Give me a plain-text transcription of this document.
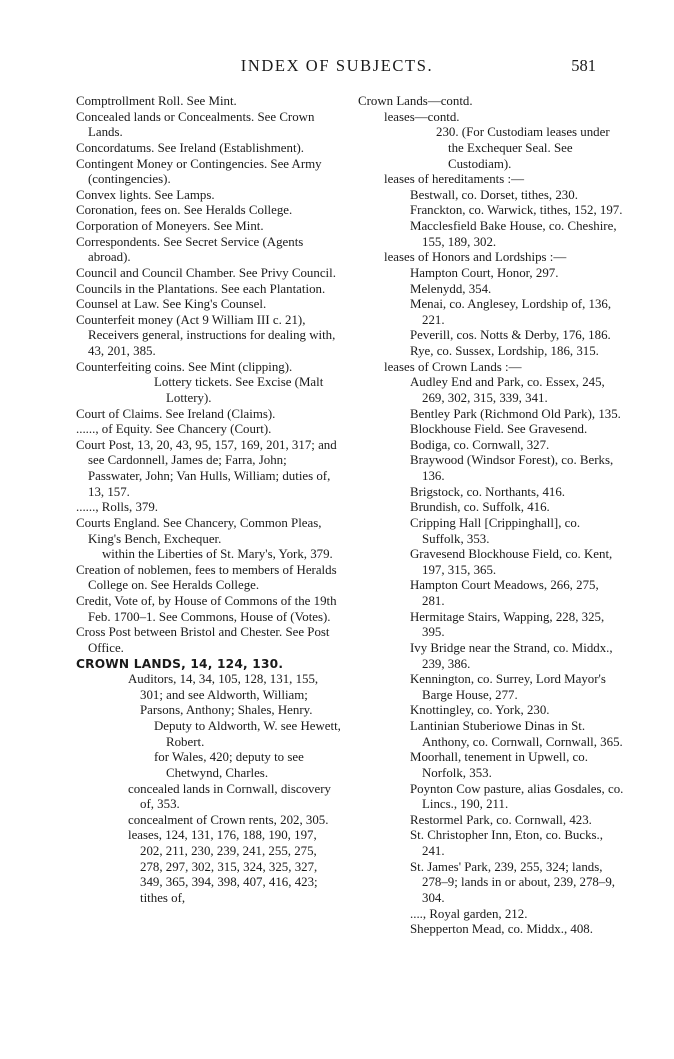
INDEX OF SUBJECTS.	581
Comptrollment Roll. See Mint.
Concealed lands or Concealments. See Crown Lands.
Concordatums. See Ireland (Establishment).
Contingent Money or Contingencies. See Army (contingencies).
Convex lights. See Lamps.
Coronation, fees on. See Heralds College.
Corporation of Moneyers. See Mint.
Correspondents. See Secret Service (Agents abroad).
Council and Council Chamber. See Privy Council.
Councils in the Plantations. See each Plantation.
Counsel at Law. See King's Counsel.
Counterfeit money (Act 9 William III c. 21), Receivers general, instructions for dealing with, 43, 201, 385.
Counterfeiting coins. See Mint (clipping).
Lottery tickets. See Excise (Malt Lottery).
Court of Claims. See Ireland (Claims).
......, of Equity. See Chancery (Court).
Court Post, 13, 20, 43, 95, 157, 169, 201, 317; and see Cardonnell, James de; Farra, John; Passwater, John; Van Hulls, William; duties of, 13, 157.
......, Rolls, 379.
Courts England. See Chancery, Common Pleas, King's Bench, Exchequer.
within the Liberties of St. Mary's, York, 379.
Creation of noblemen, fees to members of Heralds College on. See Heralds College.
Credit, Vote of, by House of Commons of the 19th Feb. 1700–1. See Commons, House of (Votes).
Cross Post between Bristol and Chester. See Post Office.
CROWN LANDS, 14, 124, 130.
Auditors, 14, 34, 105, 128, 131, 155, 301; and see Aldworth, William; Parsons, Anthony; Shales, Henry.
Deputy to Aldworth, W. see Hewett, Robert.
for Wales, 420; deputy to see Chetwynd, Charles.
concealed lands in Cornwall, discovery of, 353.
concealment of Crown rents, 202, 305.
leases, 124, 131, 176, 188, 190, 197, 202, 211, 230, 239, 241, 255, 275, 278, 297, 302, 315, 324, 325, 327, 349, 365, 394, 398, 407, 416, 423; tithes of,
Crown Lands—contd.
leases—contd.
230. (For Custodiam leases under the Exchequer Seal. See Custodiam).
leases of hereditaments :—
Bestwall, co. Dorset, tithes, 230.
Franckton, co. Warwick, tithes, 152, 197.
Macclesfield Bake House, co. Cheshire, 155, 189, 302.
leases of Honors and Lordships :—
Hampton Court, Honor, 297.
Melenydd, 354.
Menai, co. Anglesey, Lordship of, 136, 221.
Peverill, cos. Notts & Derby, 176, 186.
Rye, co. Sussex, Lordship, 186, 315.
leases of Crown Lands :—
Audley End and Park, co. Essex, 245, 269, 302, 315, 339, 341.
Bentley Park (Richmond Old Park), 135.
Blockhouse Field. See Gravesend.
Bodiga, co. Cornwall, 327.
Braywood (Windsor Forest), co. Berks, 136.
Brigstock, co. Northants, 416.
Brundish, co. Suffolk, 416.
Cripping Hall [Crippinghall], co. Suffolk, 353.
Gravesend Blockhouse Field, co. Kent, 197, 315, 365.
Hampton Court Meadows, 266, 275, 281.
Hermitage Stairs, Wapping, 228, 325, 395.
Ivy Bridge near the Strand, co. Middx., 239, 386.
Kennington, co. Surrey, Lord Mayor's Barge House, 277.
Knottingley, co. York, 230.
Lantinian Stuberiowe Dinas in St. Anthony, co. Cornwall, Cornwall, 365.
Moorhall, tenement in Upwell, co. Norfolk, 353.
Poynton Cow pasture, alias Gosdales, co. Lincs., 190, 211.
Restormel Park, co. Cornwall, 423.
St. Christopher Inn, Eton, co. Bucks., 241.
St. James' Park, 239, 255, 324; lands, 278–9; lands in or about, 239, 278–9, 304.
...., Royal garden, 212.
Shepperton Mead, co. Middx., 408.
